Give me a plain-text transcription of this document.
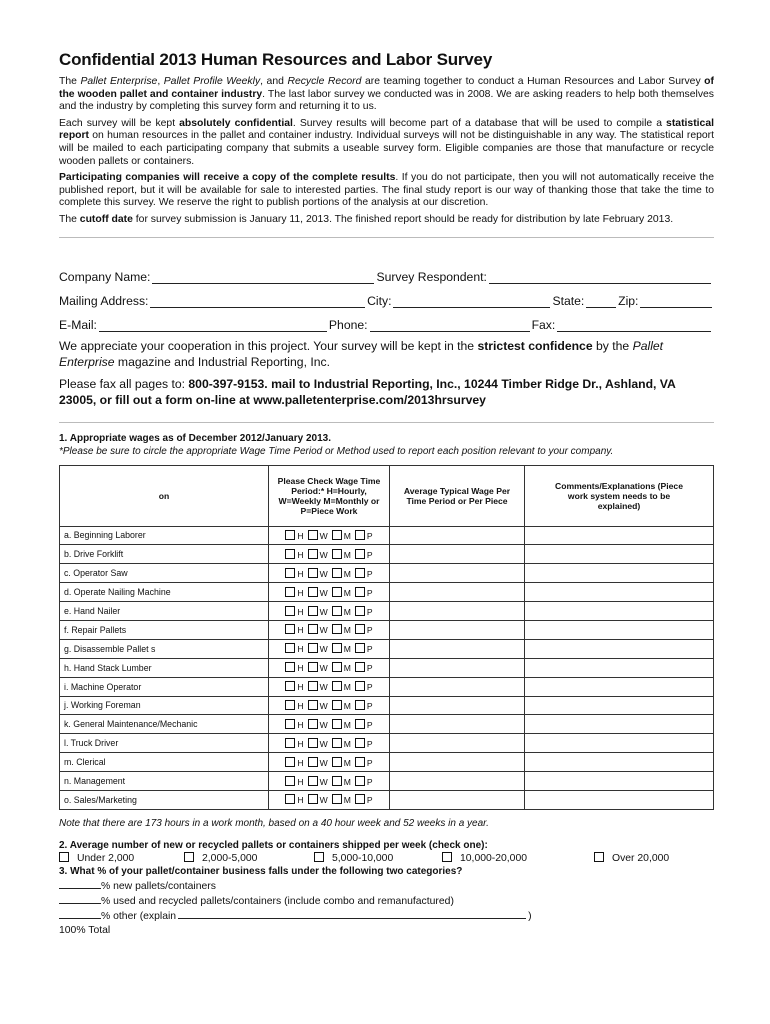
Confidential 2013 Human Resources and Labor Survey

The Pallet Enterprise, Pallet Profile Weekly, and Recycle Record are teaming together to conduct a Human Resources and Labor Survey of the wooden pallet and container industry. The last labor survey we conducted was in 2008. We are asking readers to help both themselves and the industry by completing this survey form and returning it to us.

Each survey will be kept absolutely confidential. Survey results will become part of a database that will be used to compile a statistical report on human resources in the pallet and container industry. Individual surveys will not be distinguishable in any way. The statistical report will be mailed to each participating company that submits a useable survey form. Eligible companies are those that manufacture or recycle wooden pallets or containers.

Participating companies will receive a copy of the complete results. If you do not participate, then you will not automatically receive the published report, but it will be available for sale to interested parties. The final study report is our way of thanking those that take the time to complete this survey. We reserve the right to publish portions of the analysis at our discretion.

The cutoff date for survey submission is January 11, 2013. The finished report should be ready for distribution by late February 2013.

Company Name:	Survey Respondent:
Mailing Address:	City:	State:	Zip:
E-Mail:	Phone:	Fax:
We appreciate your cooperation in this project. Your survey will be kept in the strictest confidence by the Pallet Enterprise magazine and Industrial Reporting, Inc.
Please fax all pages to: 800-397-9153. mail to Industrial Reporting, Inc., 10244 Timber Ridge Dr., Ashland, VA 23005, or fill out a form on-line at www.palletenterprise.com/2013hrsurvey
1. Appropriate wages as of December 2012/January 2013.
*Please be sure to circle the appropriate Wage Time Period or Method used to report each position relevant to your company.
on	Please Check Wage Time Period:* H=Hourly, W=Weekly M=Monthly or P=Piece Work	Average Typical Wage Per Time Period or Per Piece	Comments/Explanations (Piece work system needs to be explained)
a. Beginning Laborer	H W M P		

b. Drive Forklift	H W M P		

c. Operator Saw	H W M P		

d. Operate Nailing Machine	H W M P		

e. Hand Nailer	H W M P		

f. Repair Pallets	H W M P		

g. Disassemble Pallet s	H W M P		

h. Hand Stack Lumber	H W M P		

i. Machine Operator	H W M P		

j. Working Foreman	H W M P		

k. General Maintenance/Mechanic	H W M P		

l. Truck Driver	H W M P		

m. Clerical	H W M P		

n. Management	H W M P		

o. Sales/Marketing	H W M P		

Note that there are 173 hours in a work month, based on a 40 hour week and 52 weeks in a year.
2. Average number of new or recycled pallets or containers shipped per week (check one):
Under 2,000	2,000-5,000	5,000-10,000	10,000-20,000	Over 20,000
3. What % of your pallet/container business falls under the following two categories?
% new pallets/containers
% used and recycled pallets/containers (include combo and remanufactured)
% other (explain	)
100% Total
